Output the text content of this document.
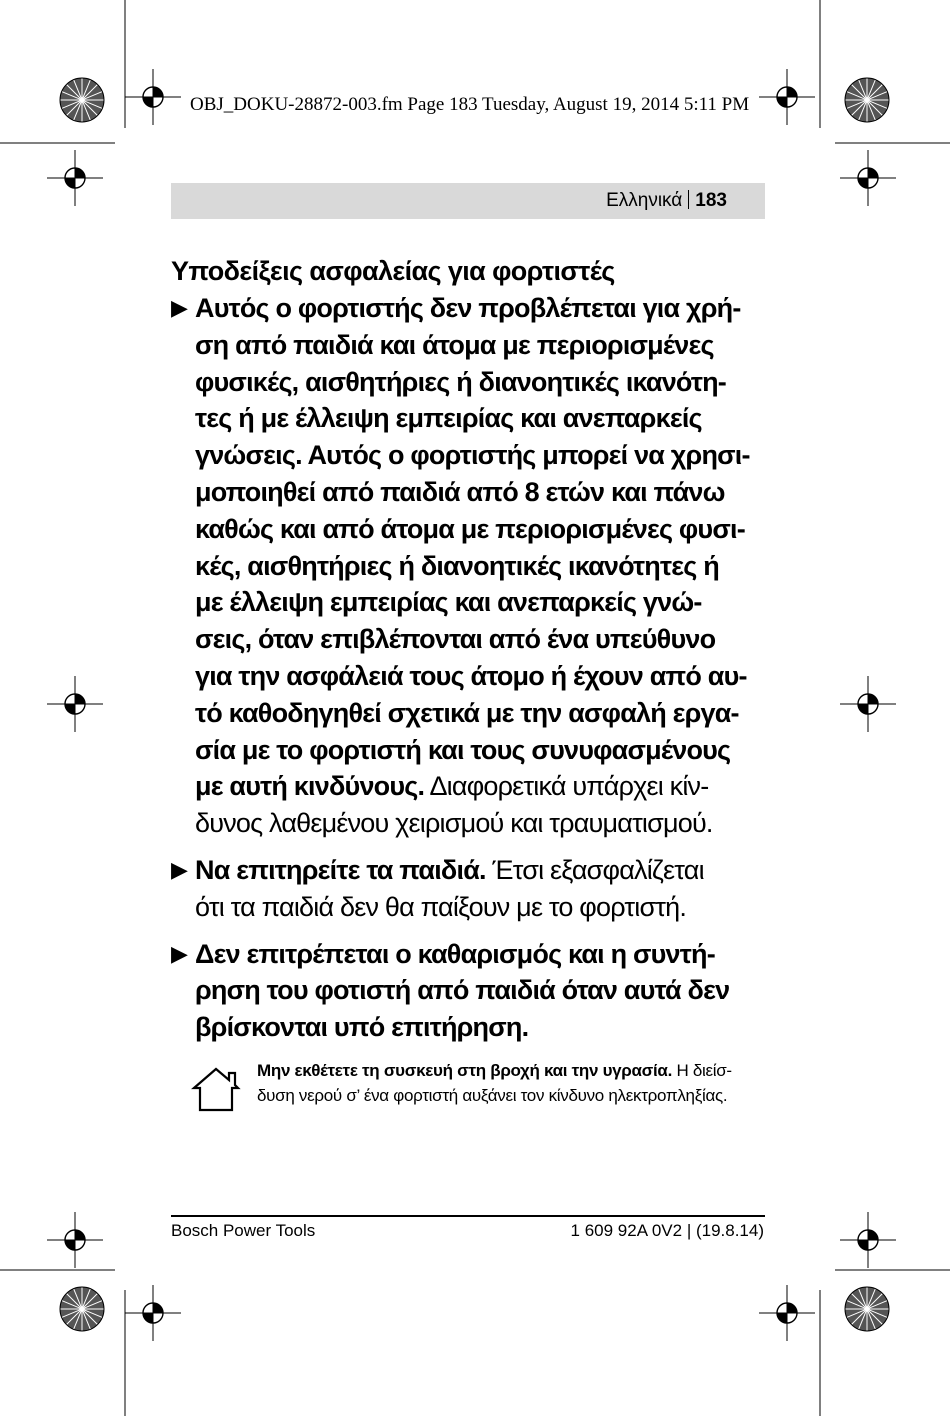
OBJ_DOKU-28872-003.fm Page 183 Tuesday, August 19, 2014 5:11 PM
Ελληνικά 183
Υποδείξεις ασφαλείας για φορτιστές
▶ Αυτός ο φορτιστής δεν προβλέπεται για χρή-
ση από παιδιά και άτομα με περιορισμένες
φυσικές, αισθητήριες ή διανοητικές ικανότη-
τες ή με έλλειψη εμπειρίας και ανεπαρκείς
γνώσεις. Αυτός ο φορτιστής μπορεί να χρησι-
μοποιηθεί από παιδιά από 8 ετών και πάνω
καθώς και από άτομα με περιορισμένες φυσι-
κές, αισθητήριες ή διανοητικές ικανότητες ή
με έλλειψη εμπειρίας και ανεπαρκείς γνώ-
σεις, όταν επιβλέπονται από ένα υπεύθυνο
για την ασφάλειά τους άτομο ή έχουν από αυ-
τό καθοδηγηθεί σχετικά με την ασφαλή εργα-
σία με το φορτιστή και τους συνυφασμένους
με αυτή κινδύνους. Διαφορετικά υπάρχει κίν-
δυνος λαθεμένου χειρισμού και τραυματισμού.
▶ Να επιτηρείτε τα παιδιά. Έτσι εξασφαλίζεται
ότι τα παιδιά δεν θα παίξουν με το φορτιστή.
▶ Δεν επιτρέπεται ο καθαρισμός και η συντή-
ρηση του φοτιστή από παιδιά όταν αυτά δεν
βρίσκονται υπό επιτήρηση.
Μην εκθέτετε τη συσκευή στη βροχή και την υγρασία. Η διείσ-
δυση νερού σ’ ένα φορτιστή αυξάνει τον κίνδυνο ηλεκτροπληξίας.
Bosch Power Tools	1 609 92A 0V2 | (19.8.14)
